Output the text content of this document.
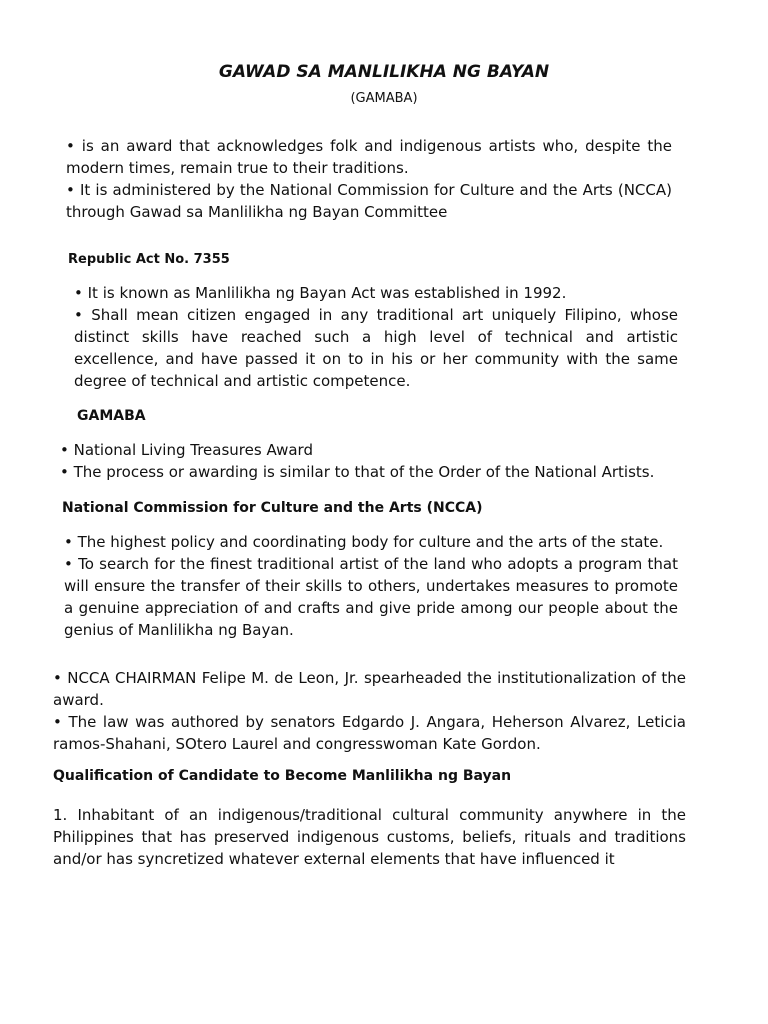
GAWAD SA MANLILIKHA NG BAYAN
(GAMABA)

• is an award that acknowledges folk and indigenous artists who, despite the modern times, remain true to their traditions.

• It is administered by the National Commission for Culture and the Arts (NCCA) through Gawad sa Manlilikha ng Bayan Committee

Republic Act No. 7355

• It is known as Manlilikha ng Bayan Act was established in 1992.

• Shall mean citizen engaged in any traditional art uniquely Filipino, whose distinct skills have reached such a high level of technical and artistic excellence, and have passed it on to in his or her community with the same degree of technical and artistic competence.

GAMABA

• National Living Treasures Award

• The process or awarding is similar to that of the Order of the National Artists.

National Commission for Culture and the Arts (NCCA)

• The highest policy and coordinating body for culture and the arts of the state.

• To search for the finest traditional artist of the land who adopts a program that will ensure the transfer of their skills to others, undertakes measures to promote a genuine appreciation of and crafts and give pride among our people about the genius of Manlilikha ng Bayan.

• NCCA CHAIRMAN Felipe M. de Leon, Jr. spearheaded the institutionalization of the award.

• The law was authored by senators Edgardo J. Angara, Heherson Alvarez, Leticia ramos-Shahani, SOtero Laurel and congresswoman Kate Gordon.

Qualification of Candidate to Become Manlilikha ng Bayan

1. Inhabitant of an indigenous/traditional cultural community anywhere in the Philippines that has preserved indigenous customs, beliefs, rituals and traditions and/or has syncretized whatever external elements that have influenced it
